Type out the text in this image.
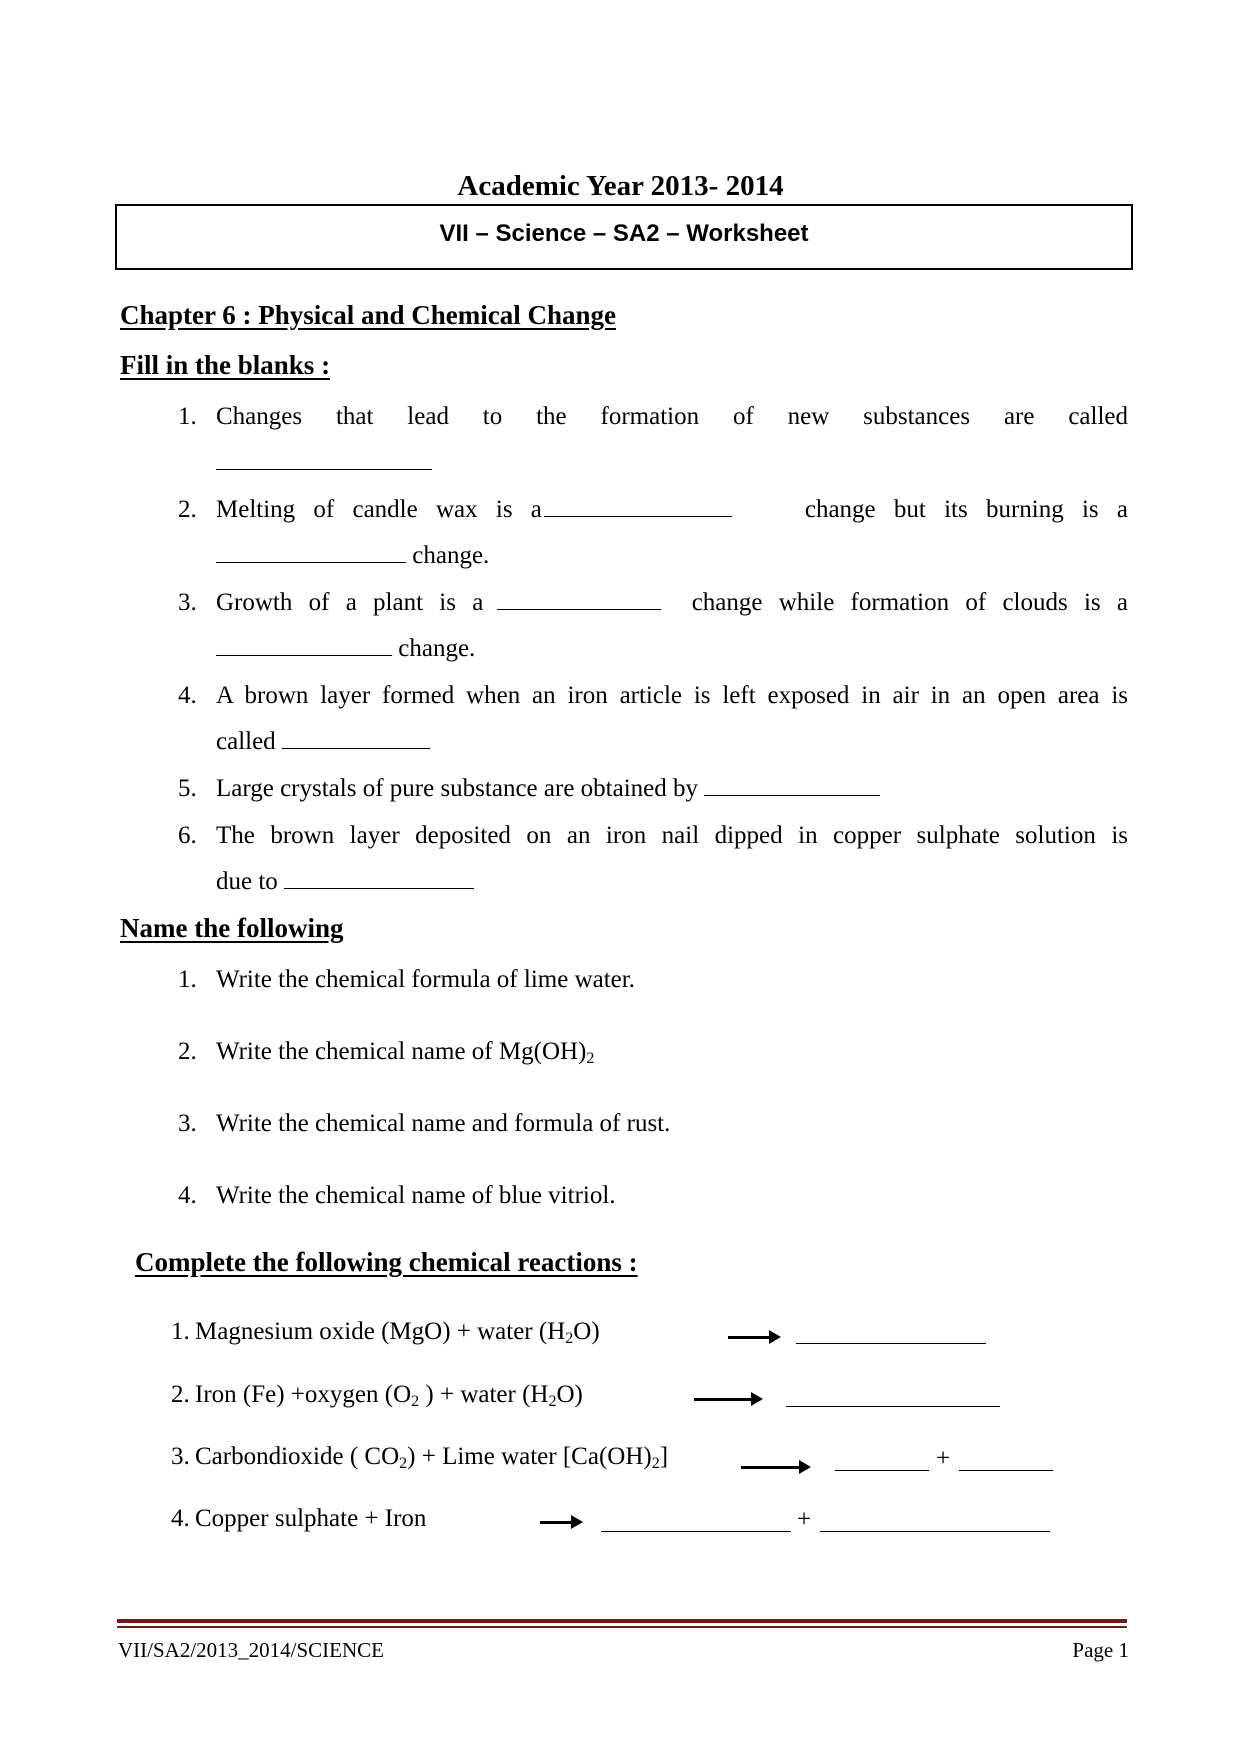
Academic Year 2013- 2014
VII – Science – SA2 – Worksheet
Chapter 6 : Physical and Chemical Change
Fill in the blanks :
1. Changes that lead to the formation of new substances are called
2. Melting of candle wax is a	change but its burning is a
change.
3. Growth of a plant is a	change while formation of clouds is a
change.
4. A brown layer formed when an iron article is left exposed in air in an open area is
called
5. Large crystals of pure substance are obtained by
6. The brown layer deposited on an iron nail dipped in copper sulphate solution is
due to
Name the following
1. Write the chemical formula of lime water.
2. Write the chemical name of $Mg(OH)_2$
3. Write the chemical name and formula of rust.
4. Write the chemical name of blue vitriol.
Complete the following chemical reactions :
1. Magnesium oxide (MgO) + water $(H_2O)$
2. Iron (Fe) +oxygen ($O_2$ ) + water $(H_2O)$
3. Carbondioxide ( $CO_2$) + Lime water $[Ca(OH)_2]$	+
4. Copper sulphate + Iron	+
VII/SA2/2013_2014/SCIENCE	Page 1
